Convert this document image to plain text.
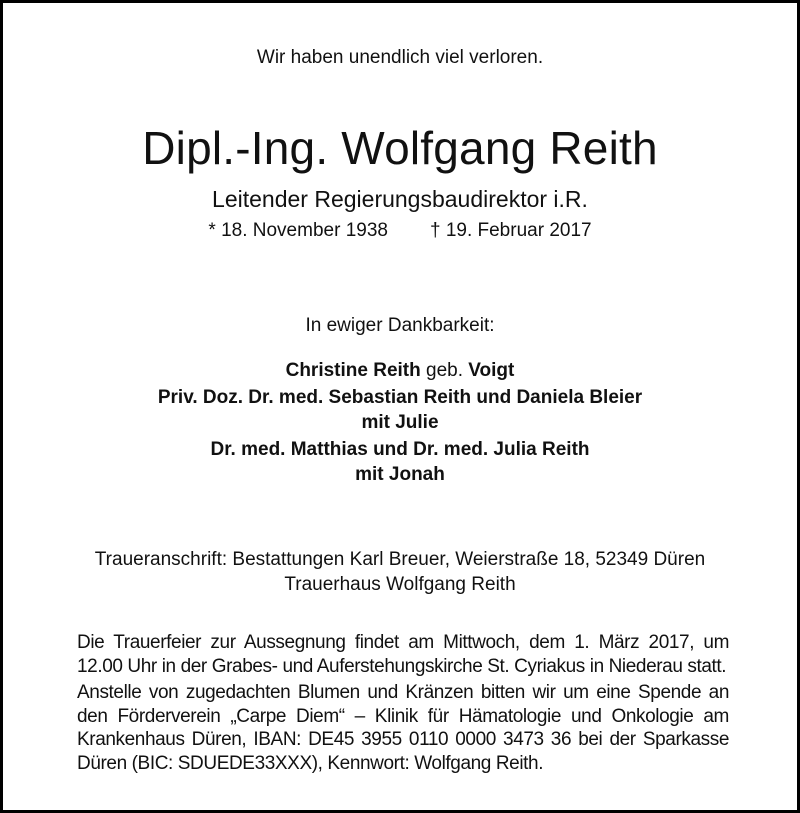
Wir haben unendlich viel verloren.
Dipl.-Ing. Wolfgang Reith
Leitender Regierungsbaudirektor i.R.
* 18. November 1938 † 19. Februar 2017
In ewiger Dankbarkeit:
Christine Reith geb. Voigt
Priv. Doz. Dr. med. Sebastian Reith und Daniela Bleier
mit Julie
Dr. med. Matthias und Dr. med. Julia Reith
mit Jonah
Traueranschrift: Bestattungen Karl Breuer, Weierstraße 18, 52349 Düren
Trauerhaus Wolfgang Reith
Die Trauerfeier zur Aussegnung findet am Mittwoch, dem 1. März 2017, um 12.00 Uhr in der Grabes- und Auferstehungskirche St. Cyriakus in Niederau statt.
Anstelle von zugedachten Blumen und Kränzen bitten wir um eine Spende an den Förderverein „Carpe Diem“ – Klinik für Hämatologie und Onkologie am Krankenhaus Düren, IBAN: DE45 3955 0110 0000 3473 36 bei der Sparkasse Düren (BIC: SDUEDE33XXX), Kennwort: Wolfgang Reith.
